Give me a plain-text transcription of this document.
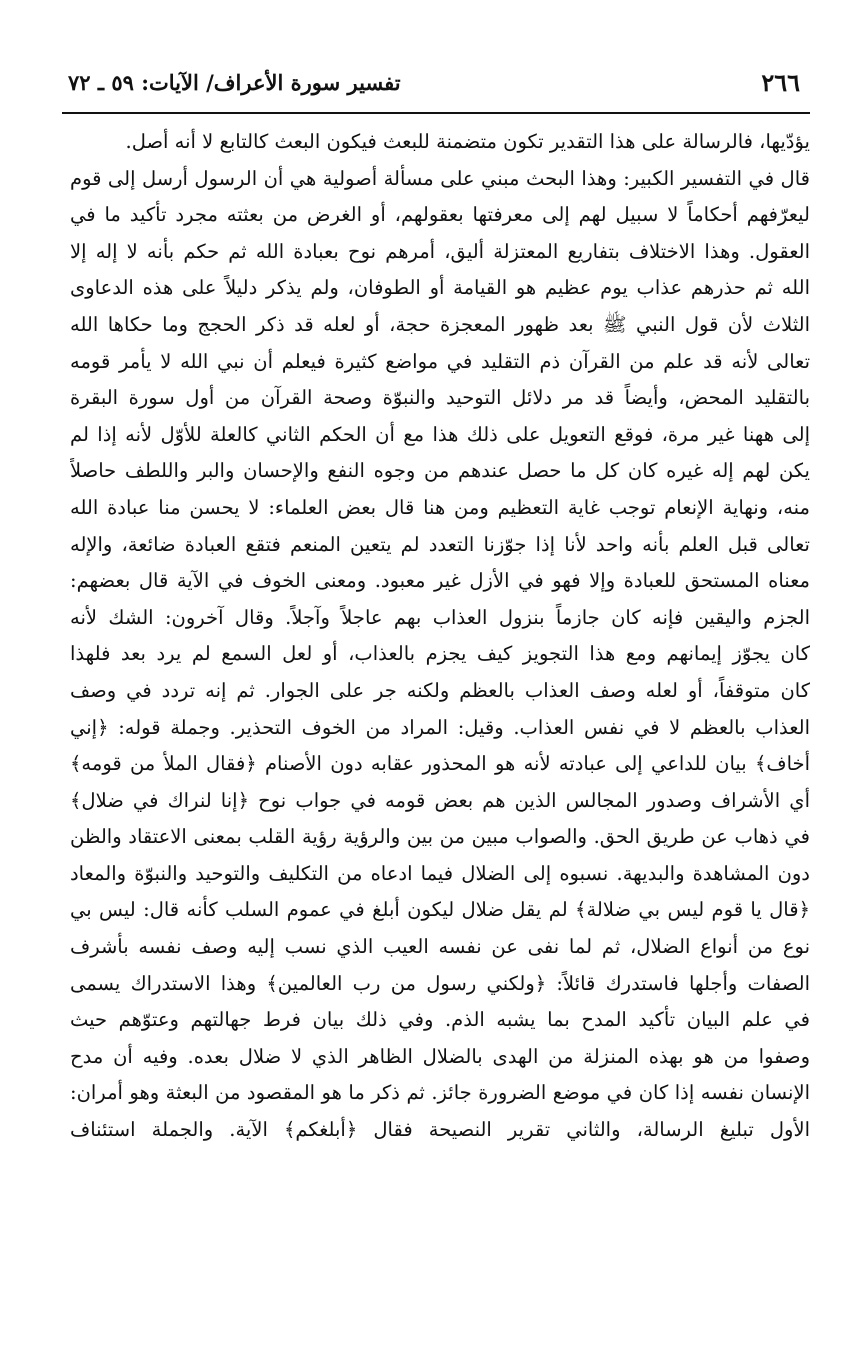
٢٦٦
تفسير سورة الأعراف/ الآيات: ٥٩ ـ ٧٢
يؤدّيها، فالرسالة على هذا التقدير تكون متضمنة للبعث فيكون البعث كالتابع لا أنه أصل.
قال في التفسير الكبير: وهذا البحث مبني على مسألة أصولية هي أن الرسول أرسل إلى قوم
ليعرّفهم أحكاماً لا سبيل لهم إلى معرفتها بعقولهم، أو الغرض من بعثته مجرد تأكيد ما في
العقول. وهذا الاختلاف بتفاريع المعتزلة أليق، أمرهم نوح بعبادة الله ثم حكم بأنه لا إله إلا
الله ثم حذرهم عذاب يوم عظيم هو القيامة أو الطوفان، ولم يذكر دليلاً على هذه الدعاوى
الثلاث لأن قول النبي ﷺ بعد ظهور المعجزة حجة، أو لعله قد ذكر الحجج وما حكاها الله
تعالى لأنه قد علم من القرآن ذم التقليد في مواضع كثيرة فيعلم أن نبي الله لا يأمر قومه
بالتقليد المحض، وأيضاً قد مر دلائل التوحيد والنبوّة وصحة القرآن من أول سورة البقرة
إلى ههنا غير مرة، فوقع التعويل على ذلك هذا مع أن الحكم الثاني كالعلة للأوّل لأنه إذا لم
يكن لهم إله غيره كان كل ما حصل عندهم من وجوه النفع والإحسان والبر واللطف حاصلاً
منه، ونهاية الإنعام توجب غاية التعظيم ومن هنا قال بعض العلماء: لا يحسن منا عبادة الله
تعالى قبل العلم بأنه واحد لأنا إذا جوّزنا التعدد لم يتعين المنعم فتقع العبادة ضائعة، والإله
معناه المستحق للعبادة وإلا فهو في الأزل غير معبود. ومعنى الخوف في الآية قال بعضهم:
الجزم واليقين فإنه كان جازماً بنزول العذاب بهم عاجلاً وآجلاً. وقال آخرون: الشك لأنه
كان يجوّز إيمانهم ومع هذا التجويز كيف يجزم بالعذاب، أو لعل السمع لم يرد بعد فلهذا
كان متوقفاً، أو لعله وصف العذاب بالعظم ولكنه جر على الجوار. ثم إنه تردد في وصف
العذاب بالعظم لا في نفس العذاب. وقيل: المراد من الخوف التحذير. وجملة قوله: ﴿إني
أخاف﴾ بيان للداعي إلى عبادته لأنه هو المحذور عقابه دون الأصنام ﴿فقال الملأ من قومه﴾
أي الأشراف وصدور المجالس الذين هم بعض قومه في جواب نوح ﴿إنا لنراك في ضلال﴾
في ذهاب عن طريق الحق. والصواب مبين من بين والرؤية رؤية القلب بمعنى الاعتقاد والظن
دون المشاهدة والبديهة. نسبوه إلى الضلال فيما ادعاه من التكليف والتوحيد والنبوّة والمعاد
﴿قال يا قوم ليس بي ضلالة﴾ لم يقل ضلال ليكون أبلغ في عموم السلب كأنه قال: ليس بي
نوع من أنواع الضلال، ثم لما نفى عن نفسه العيب الذي نسب إليه وصف نفسه بأشرف
الصفات وأجلها فاستدرك قائلاً: ﴿ولكني رسول من رب العالمين﴾ وهذا الاستدراك يسمى
في علم البيان تأكيد المدح بما يشبه الذم. وفي ذلك بيان فرط جهالتهم وعتوّهم حيث
وصفوا من هو بهذه المنزلة من الهدى بالضلال الظاهر الذي لا ضلال بعده. وفيه أن مدح
الإنسان نفسه إذا كان في موضع الضرورة جائز. ثم ذكر ما هو المقصود من البعثة وهو أمران:
الأول تبليغ الرسالة، والثاني تقرير النصيحة فقال ﴿أبلغكم﴾ الآية. والجملة استئناف
